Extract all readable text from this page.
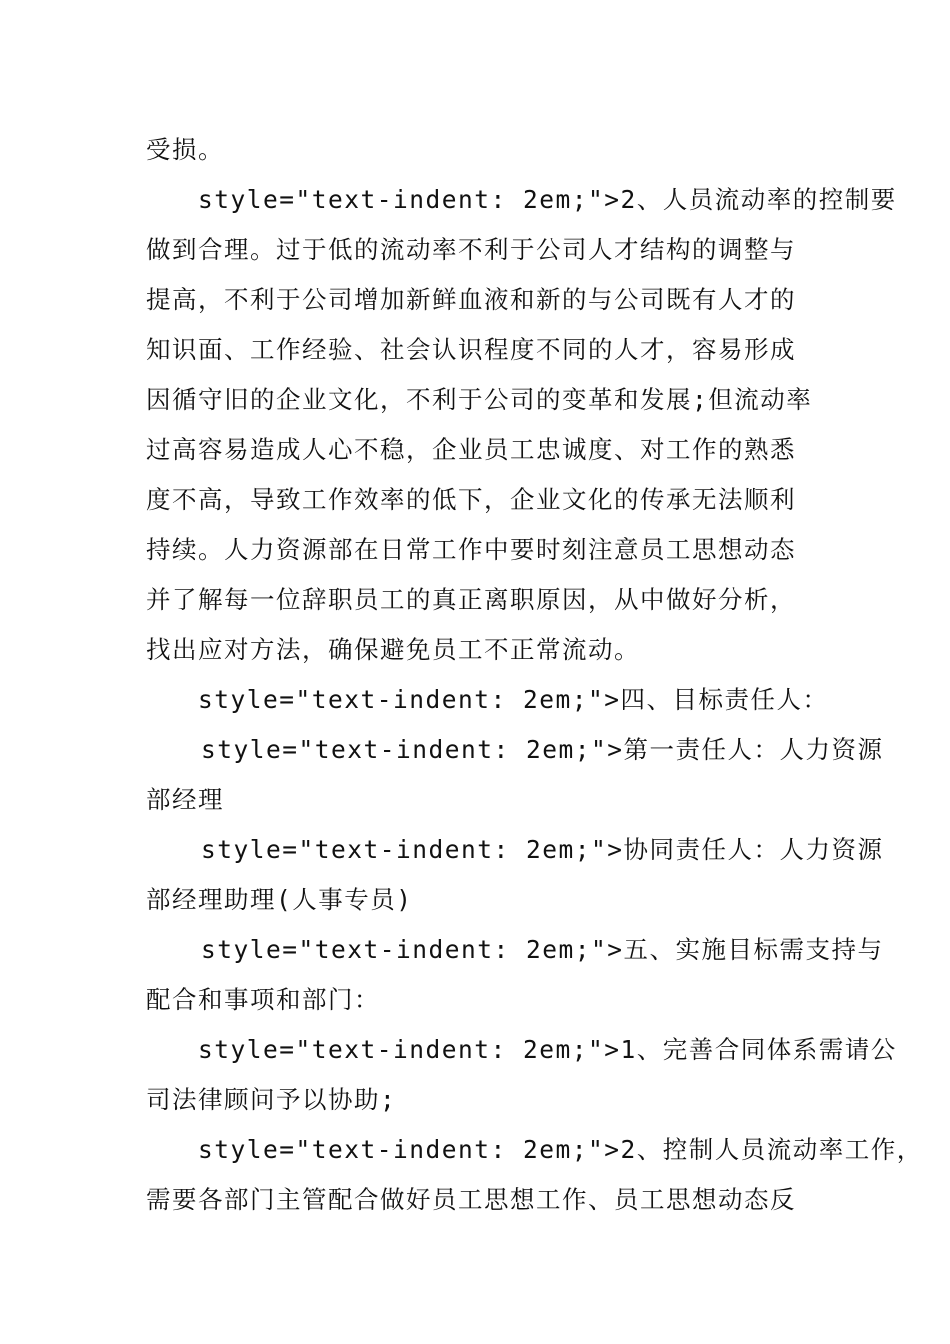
受损。
style="text-indent: 2em;">2、人员流动率的控制要
做到合理。过于低的流动率不利于公司人才结构的调整与
提高，不利于公司增加新鲜血液和新的与公司既有人才的
知识面、工作经验、社会认识程度不同的人才，容易形成
因循守旧的企业文化，不利于公司的变革和发展;但流动率
过高容易造成人心不稳，企业员工忠诚度、对工作的熟悉
度不高，导致工作效率的低下，企业文化的传承无法顺利
持续。人力资源部在日常工作中要时刻注意员工思想动态
并了解每一位辞职员工的真正离职原因，从中做好分析，
找出应对方法，确保避免员工不正常流动。
style="text-indent: 2em;">四、目标责任人：
style="text-indent: 2em;">第一责任人：人力资源
部经理
style="text-indent: 2em;">协同责任人：人力资源
部经理助理(人事专员)
style="text-indent: 2em;">五、实施目标需支持与
配合和事项和部门：
style="text-indent: 2em;">1、完善合同体系需请公
司法律顾问予以协助;
style="text-indent: 2em;">2、控制人员流动率工作，
需要各部门主管配合做好员工思想工作、员工思想动态反
